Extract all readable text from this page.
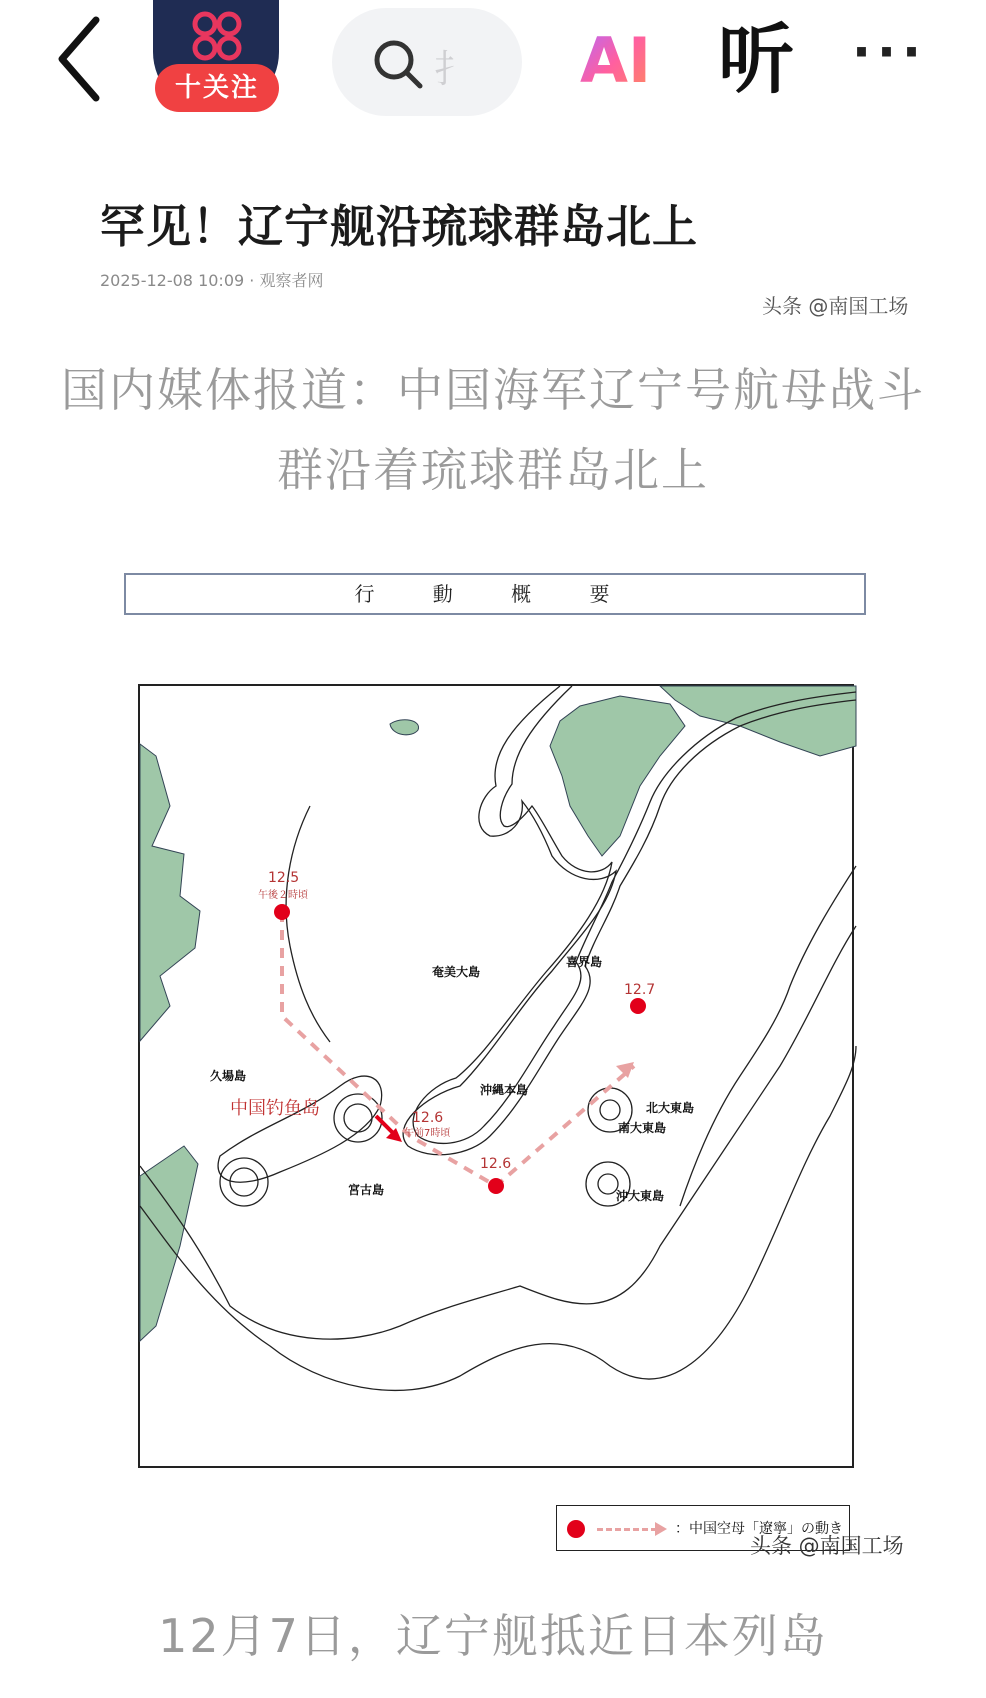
十关注	扌 AI 听 ···
罕见！辽宁舰沿琉球群岛北上
2025-12-08 10:09 · 观察者网
头条 @南国工场
国内媒体报道：中国海军辽宁号航母战斗群沿着琉球群岛北上
行 動 概 要
12.5
午後２時頃
12.6
午前7時頃
12.6
12.7
奄美大島
喜界島
沖縄本島
久場島
中国钓鱼岛
宮古島
北大東島
南大東島
沖大東島
：中国空母「遼寧」の動き
头条 @南国工场
12月7日，辽宁舰抵近日本列岛
